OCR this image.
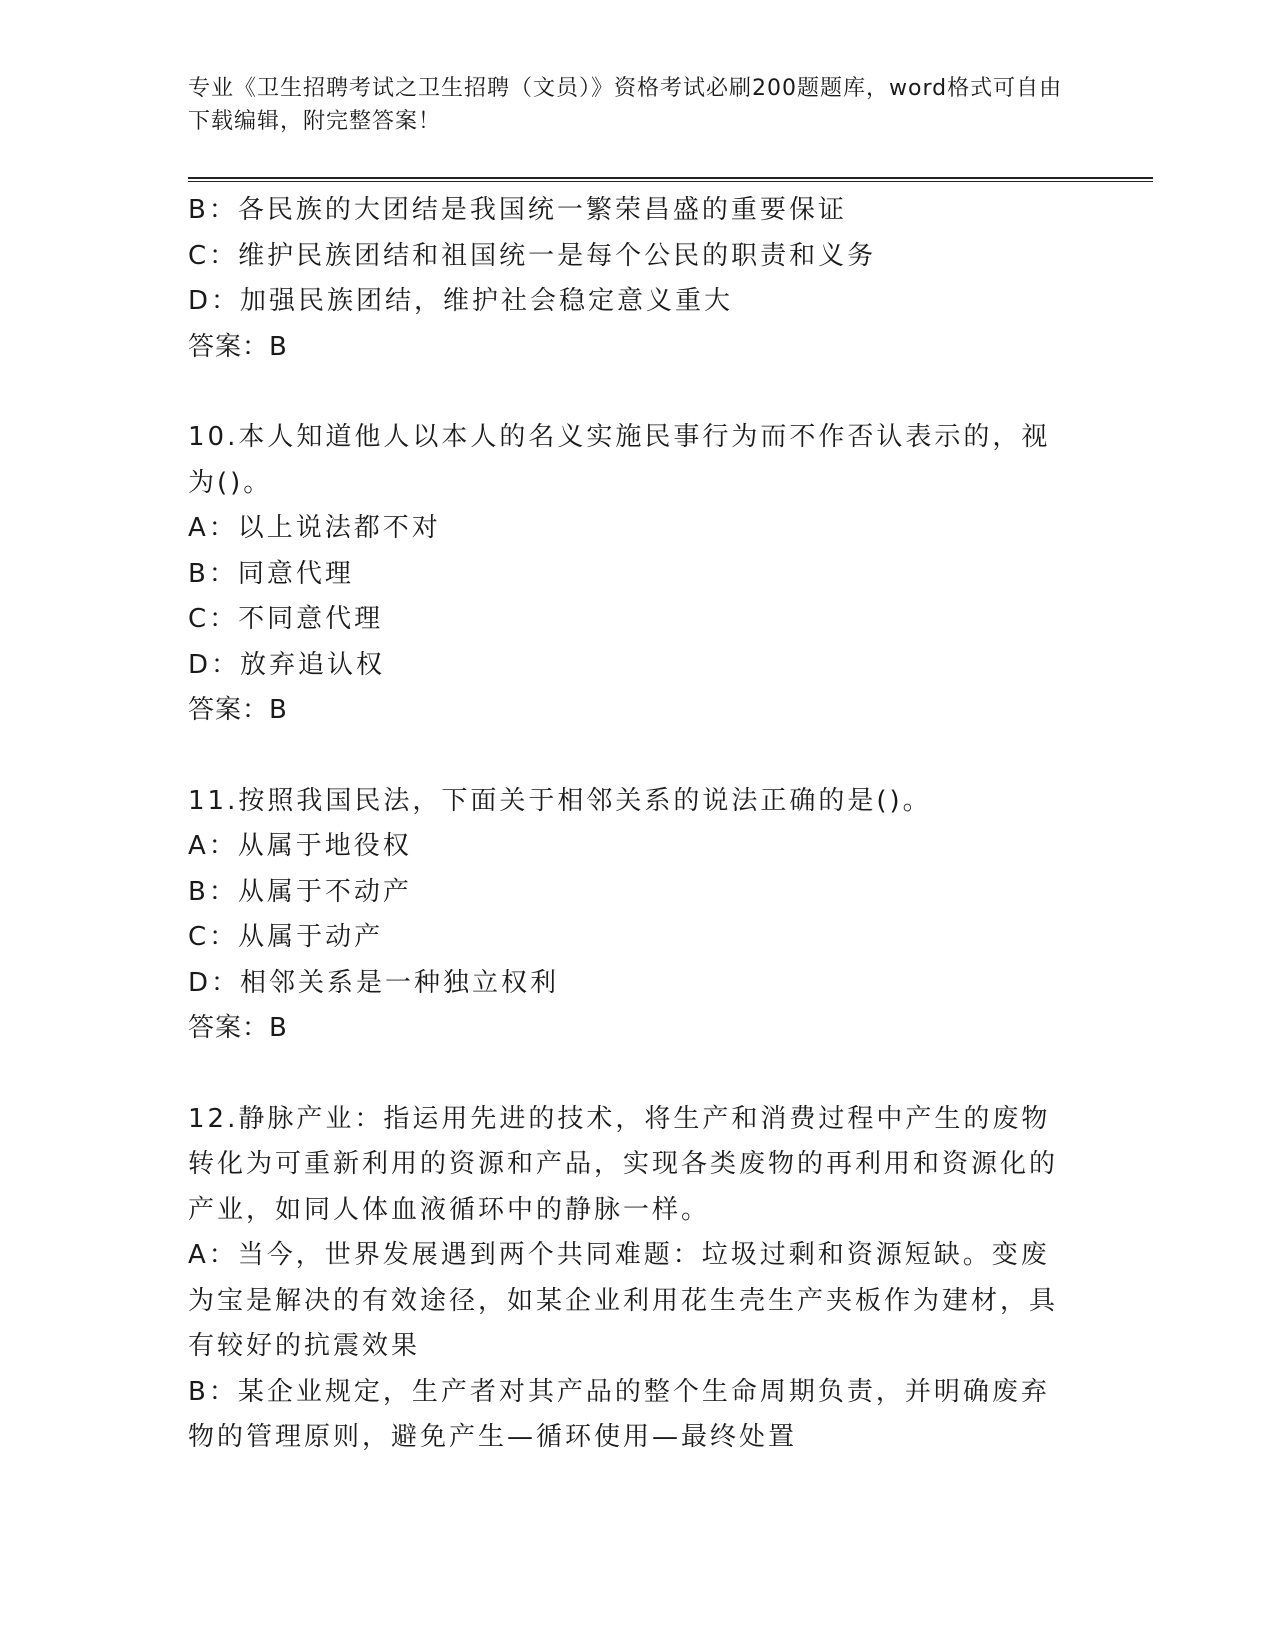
专业《卫生招聘考试之卫生招聘（文员）》资格考试必刷200题题库，word格式可自由下载编辑，附完整答案！

B：各民族的大团结是我国统一繁荣昌盛的重要保证

C：维护民族团结和祖国统一是每个公民的职责和义务

D：加强民族团结，维护社会稳定意义重大

答案：B

10.本人知道他人以本人的名义实施民事行为而不作否认表示的，视为()。

A：以上说法都不对

B：同意代理

C：不同意代理

D：放弃追认权

答案：B

11.按照我国民法，下面关于相邻关系的说法正确的是()。

A：从属于地役权

B：从属于不动产

C：从属于动产

D：相邻关系是一种独立权利

答案：B

12.静脉产业：指运用先进的技术，将生产和消费过程中产生的废物转化为可重新利用的资源和产品，实现各类废物的再利用和资源化的产业，如同人体血液循环中的静脉一样。

A：当今，世界发展遇到两个共同难题：垃圾过剩和资源短缺。变废为宝是解决的有效途径，如某企业利用花生壳生产夹板作为建材，具有较好的抗震效果

B：某企业规定，生产者对其产品的整个生命周期负责，并明确废弃物的管理原则，避免产生—循环使用—最终处置
